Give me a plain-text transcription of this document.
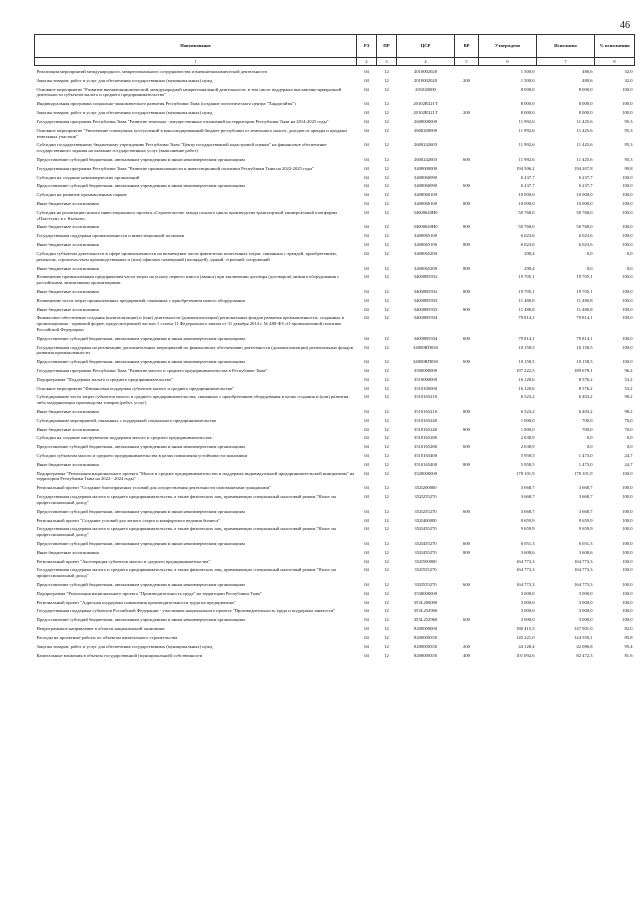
46
Наименование	РЗ	ПР	ЦСР	ВР	Утверждено	Исполнено	% исполнения
1	2	3	4	5	6	7	8
Реализация мероприятий международного, межрегионального сотрудничества и внешнеэкономической деятельности	04	12	2010002020		1 500,0	480,6	32,0
Закупка товаров, работ и услуг для обеспечения государственных (муниципальных) нужд	04	12	2010002020	200	1 500,0	480,6	32,0
Основное мероприятие "Развитие внешнеэкономической, международной межрегиональной деятельности, в том числе поддержка выставочно-ярмарочной деятельности субъектов малого и среднего предпринимательства"	04	12	201020000		8 000,0	8 000,0	100,0
Индивидуальная программа социально-экономического развития Республики Тыва (создание логистического центра "Хандагайты")	04	12	20102R321T		8 000,0	8 000,0	100,0
Закупка товаров, работ и услуг для обеспечения государственных (муниципальных) нужд	04	12	20102R321T	200	8 000,0	8 000,0	100,0
Государственная программа Республики Тыва "Развитие земельно - имущественных отношений на территории Республики Тыва на 2014-2025 годы"	04	12	2600000000		11 992,6	11 425,6	95,3
Основное мероприятие "Увеличение совокупных поступлений в консолидированный бюджет республики от земельного налога, доходов от аренды и продажи земельных участков"	04	12	2600200000		11 992,6	11 425,6	95,3
Субсидии государственному бюджетному учреждению Республики Тыва "Центр государственной кадастровой оценки" на финансовое обеспечение государственного задания на оказание государственных услуг (выполнение работ)	04	12	2600242603		11 992,6	11 425,6	95,3
Предоставление субсидий бюджетным, автономным учреждениям и иным некоммерческим организациям	04	12	2600242603	600	11 992,6	11 425,6	95,3
Государственная программа Республики Тыва "Развитие промышленности и инвестиционной политики Республики Тыва на 2022-2025 годы"	04	12	3400000000		194 506,2	194 207,8	99,8
Субсидии на создание некоммерческих организаций	04	12	3400060090		6 237,7	6 237,7	100,0
Предоставление субсидий бюджетным, автономным учреждениям и иным некоммерческим организациям	04	12	3400060090	600	6 237,7	6 237,7	100,0
Субсидии на развитие промышленных парков	04	12	3400060100		10 000,0	10 000,0	100,0
Иные бюджетные ассигнования	04	12	3400060100	800	10 000,0	10 000,0	100,0
Субсидия на реализацию нового инвестиционного проекта «Строительство завода полного цикла производства транспортной универсальной платформы «Пласттун» в г. Кызыле»	04	12	34000620Н0		50 768,0	50 768,0	100,0
Иные бюджетные ассигнования	04	12	34000620Н0	800	50 768,0	50 768,0	100,0
Государственная поддержка промышленности и инвестиционной политики	04	12	3400065100		6 023,6	6 023,6	100,0
Иные бюджетные ассигнования	04	12	3400065100	800	6 023,6	6 023,6	100,0
Субсидии субъектам деятельности в сфере промышленности на возмещение части фактически понесенных затрат, связанных с арендой, приобретением, ремонтом, строительством производственных и (или) офисных помещений (площадей), зданий, строений, сооружений	04	12	3400065200		298,4	0,0	0,0
Иные бюджетные ассигнования	04	12	3400065200	800	298,4	0,0	0,0
Возмещение промышленным предприятиям части затрат на уплату первого взноса (аванса) при заключении договора (договоров) лизинга оборудования с российскими лизинговыми организациями	04	12	34000R5932		19 705,1	19 705,1	100,0
Иные бюджетные ассигнования	04	12	34000R5932	800	19 705,1	19 705,1	100,0
Возмещение части затрат промышленных предприятий, связанных с приобретением нового оборудования	04	12	34000R5933		11 480,8	11 480,8	100,0
Иные бюджетные ассигнования	04	12	34000R5933	800	11 480,8	11 480,8	100,0
Финансовое обеспечение создания (капитализации) и (или) деятельности (докапитализации) региональных фондов развития промышленности, созданных в организационно - правовой форме, предусмотренной частью 1 статьи 11 Федерального закона от 31 декабря 2014 г. № 488-ФЗ «О промышленной политике Российской Федерации»	04	12	34000R5934		79 814,1	79 814,1	100,0
Предоставление субсидий бюджетным, автономным учреждениям и иным некоммерческим организациям	04	12	34000R5934	600	79 814,1	79 814,1	100,0
Государственная поддержка на реализацию дополнительных мероприятий по финансовому обеспечению деятельности (докапитализации) региональных фондов развития промышленности	04	12	34000RП030		10 158,5	10 158,5	100,0
Предоставление субсидий бюджетным, автономным учреждениям и иным некоммерческим организациям	04	12	34000RП030	600	10 158,5	10 158,5	100,0
Государственная программа Республики Тыва "Развитие малого и среднего предпринимательства в Республике Тыва"	04	12	3500000000		197 222,5	189 678,1	96,2
Подпрограмма "Поддержка малого и среднего предпринимательства"	04	12	3510000000		16 120,6	8 576,2	53,2
Основное мероприятие "Финансовая поддержка субъектов малого и среднего предпринимательства"	04	12	3510100000		16 120,6	8 576,2	53,2
Субсидирование части затрат субъектов малого и среднего предпринимательства, связанных с приобретением оборудования в целях создания и (или) развития либо модернизации производства товаров (работ, услуг)	04	12	3510165210		6 523,2	6 403,2	98,2
Иные бюджетные ассигнования	04	12	3510165210	800	6 523,2	6 403,2	98,2
Субсидирование мероприятий, связанных с поддержкой социального предпринимательства	04	12	3510165240		1 000,0	700,0	70,0
Иные бюджетные ассигнования	04	12	3510165240	800	1 000,0	700,0	70,0
Субсидии на создание инструментов поддержки малого и среднего предпринимательства	04	12	3510165280		2 638,9	0,0	0,0
Предоставление субсидий бюджетным, автономным учреждениям и иным некоммерческим организациям	04	12	3510165280	600	2 638,9	0,0	0,0
Субсидии субъектам малого и среднего предпринимательства в целях повышения устойчивости экономики	04	12	3510165400		5 958,5	1 473,0	24,7
Иные бюджетные ассигнования	04	12	3510165400	800	5 958,5	1 473,0	24,7
Подпрограмма "Реализация национального проекта "Малое и среднее предпринимательство и поддержка индивидуальной предпринимательской инициативы" на территории Республики Тыва на 2022 - 2024 годы"	04	12	3520000000		178 101,9	178 101,9	100,0
Региональный проект "Создание благоприятных условий для осуществления деятельности самозанятыми гражданами"	04	12	352I200000		3 668,7	3 668,7	100,0
Государственная поддержка малого и среднего предпринимательства, а также физических лиц, применяющих специальный налоговый режим "Налог на профессиональный доход"	04	12	352I255270		3 668,7	3 668,7	100,0
Предоставление субсидий бюджетным, автономным учреждениям и иным некоммерческим организациям	04	12	352I255270	600	3 668,7	3 668,7	100,0
Региональный проект "Создание условий для легкого старта и комфортного ведения бизнеса"	04	12	352I400000		9 659,9	9 659,9	100,0
Государственная поддержка малого и среднего предпринимательства, а также физических лиц, применяющих специальный налоговый режим "Налог на профессиональный доход"	04	12	352I455270		9 659,9	9 659,9	100,0
Предоставление субсидий бюджетным, автономным учреждениям и иным некоммерческим организациям	04	12	352I455270	600	6 051,3	6 051,3	100,0
Иные бюджетные ассигнования	04	12	352I455270	800	3 608,6	3 608,6	100,0
Региональный проект "Акселерация субъектов малого и среднего предпринимательства"	04	12	352I500000		164 773,3	164 773,3	100,0
Государственная поддержка малого и среднего предпринимательства, а также физических лиц, применяющих специальный налоговый режим "Налог на профессиональный доход"	04	12	352I555270		164 773,3	164 773,3	100,0
Предоставление субсидий бюджетным, автономным учреждениям и иным некоммерческим организациям	04	12	352I555270	600	164 773,3	164 773,3	100,0
Подпрограмма "Реализация национального проекта "Производительность труда" на территории Республики Тыва"	04	12	3530000000		3 000,0	3 000,0	100,0
Региональный проект "Адресная поддержка повышения производительности труда на предприятиях"	04	12	353L200000		3 000,0	3 000,0	100,0
Государственная поддержка субъектов Российской Федерации - участников национального проекта "Производительность труда и поддержка занятости"	04	12	353L252960		3 000,0	3 000,0	100,0
Предоставление субсидий бюджетным, автономным учреждениям и иным некоммерческим организациям	04	12	353L252960	600	3 000,0	3 000,0	100,0
Непрограммное направление в области национальной экономики	04	12	8200000000		180 415,3	147 901,0	82,0
Расходы на проектные работы по объектам капитального строительства	04	12	8200000350		145 221,0	124 559,1	85,8
Закупка товаров, работ и услуг для обеспечения государственных (муниципальных) нужд	04	12	8200000350	200	44 128,4	42 086,8	95,4
Капитальные вложения в объекты государственной (муниципальной) собственности	04	12	8200000350	400	101 092,6	82 472,3	81,6
